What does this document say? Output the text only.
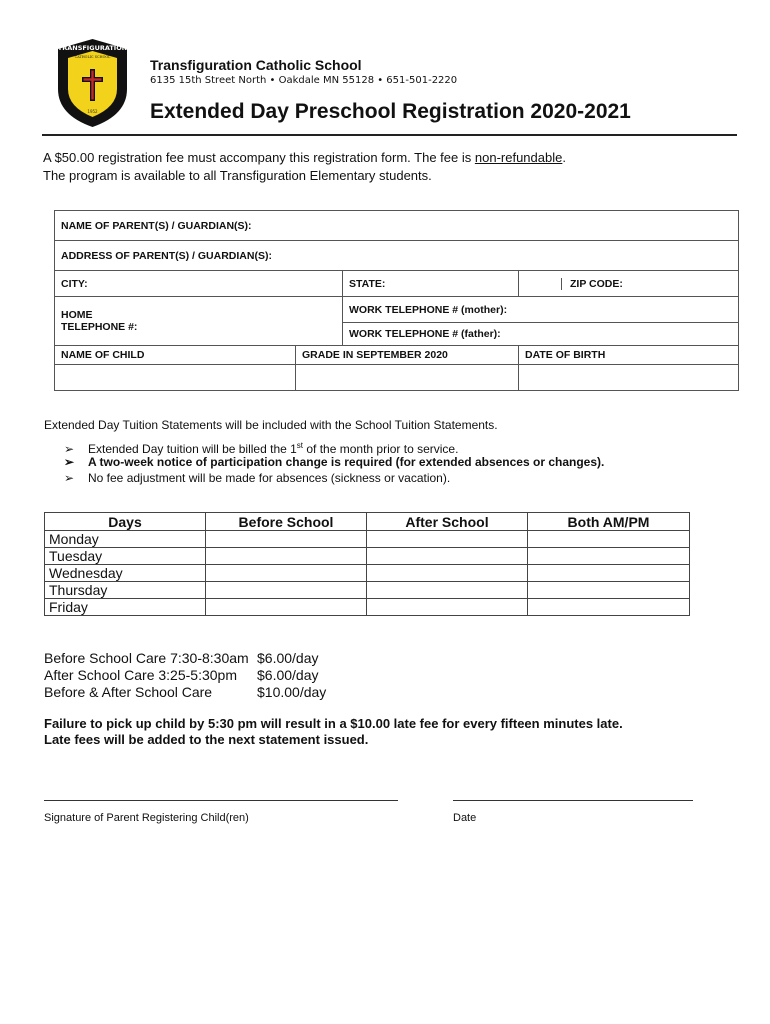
TRANSFIGURATION
CATHOLIC SCHOOL
1952
Transfiguration Catholic School
6135 15th Street North • Oakdale MN 55128 • 651-501-2220
Extended Day Preschool Registration 2020-2021
A $50.00 registration fee must accompany this registration form. The fee is non-refundable.
The program is available to all Transfiguration Elementary students.
NAME OF PARENT(S) / GUARDIAN(S):			
ADDRESS OF PARENT(S) / GUARDIAN(S):			
CITY:		STATE:	ZIP CODE:

HOME
TELEPHONE #:		WORK TELEPHONE # (mother):	
		WORK TELEPHONE # (father):	
NAME OF CHILD	GRADE IN SEPTEMBER 2020		DATE OF BIRTH

Extended Day Tuition Statements will be included with the School Tuition Statements.
➢ Extended Day tuition will be billed the 1st of the month prior to service.
➢ A two-week notice of participation change is required (for extended absences or changes).
➢ No fee adjustment will be made for absences (sickness or vacation).
Days	Before School	After School	Both AM/PM
Monday			
Tuesday			
Wednesday			
Thursday			
Friday			
Before School Care 7:30-8:30am $6.00/day
After School Care 3:25-5:30pm $6.00/day
Before & After School Care	$10.00/day
Failure to pick up child by 5:30 pm will result in a $10.00 late fee for every fifteen minutes late.
Late fees will be added to the next statement issued.
Signature of Parent Registering Child(ren)	Date
